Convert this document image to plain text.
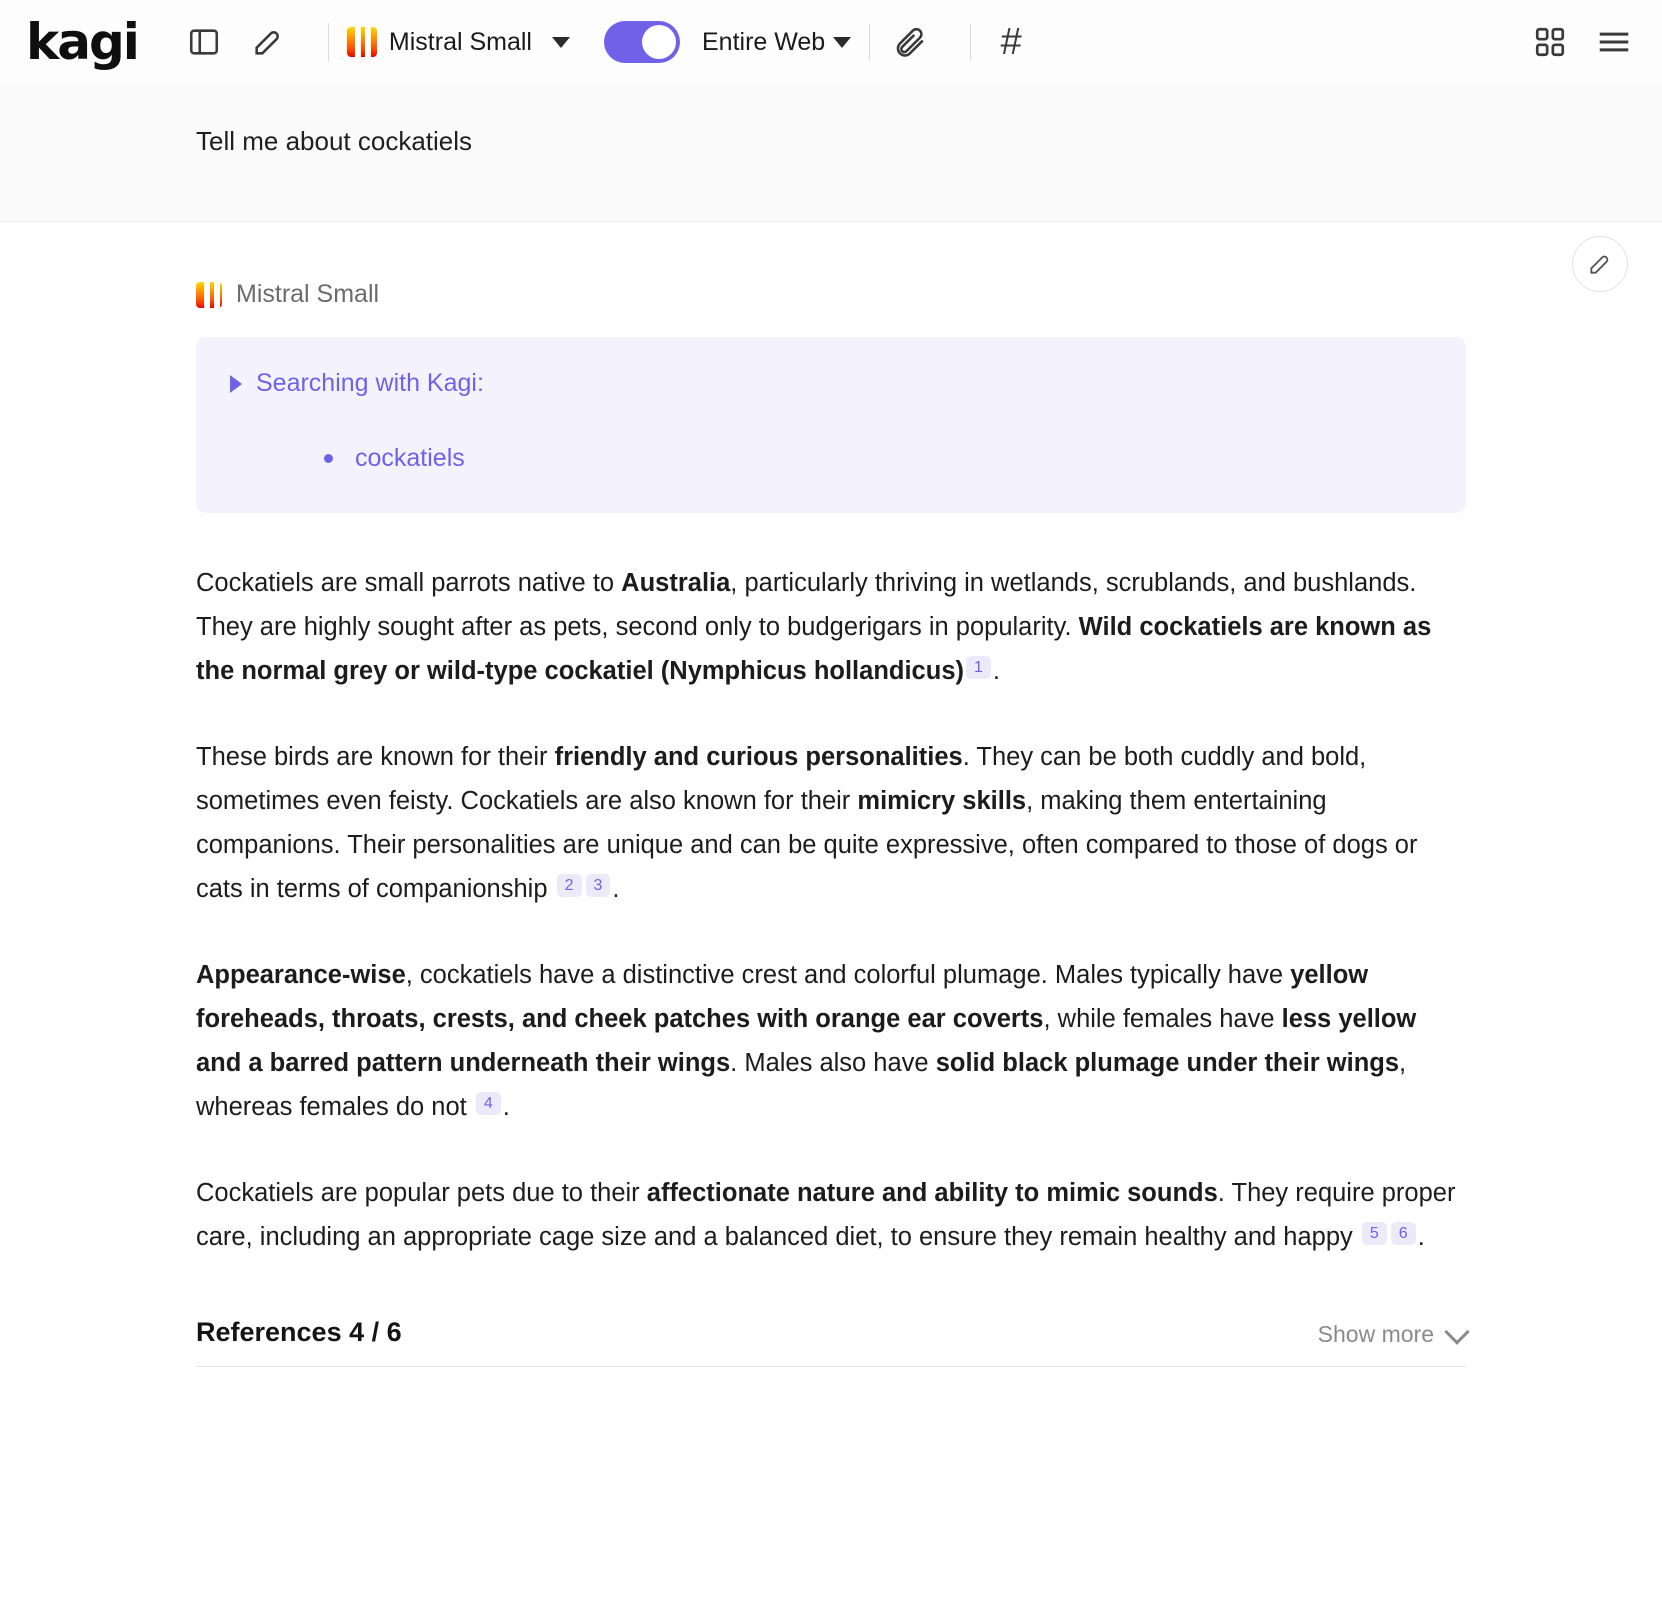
kagi	Mistral Small	Entire Web	#
Tell me about cockatiels
Mistral Small
Searching with Kagi:
cockatiels

Cockatiels are small parrots native to Australia, particularly thriving in wetlands, scrublands, and bushlands. They are highly sought after as pets, second only to budgerigars in popularity. Wild cockatiels are known as the normal grey or wild-type cockatiel (Nymphicus hollandicus) 1 .

These birds are known for their friendly and curious personalities. They can be both cuddly and bold, sometimes even feisty. Cockatiels are also known for their mimicry skills, making them entertaining companions. Their personalities are unique and can be quite expressive, often compared to those of dogs or cats in terms of companionship 2 3 .

Appearance-wise, cockatiels have a distinctive crest and colorful plumage. Males typically have yellow foreheads, throats, crests, and cheek patches with orange ear coverts, while females have less yellow and a barred pattern underneath their wings. Males also have solid black plumage under their wings, whereas females do not 4 .

Cockatiels are popular pets due to their affectionate nature and ability to mimic sounds. They require proper care, including an appropriate cage size and a balanced diet, to ensure they remain healthy and happy 5 6 .

References 4 / 6	Show more
